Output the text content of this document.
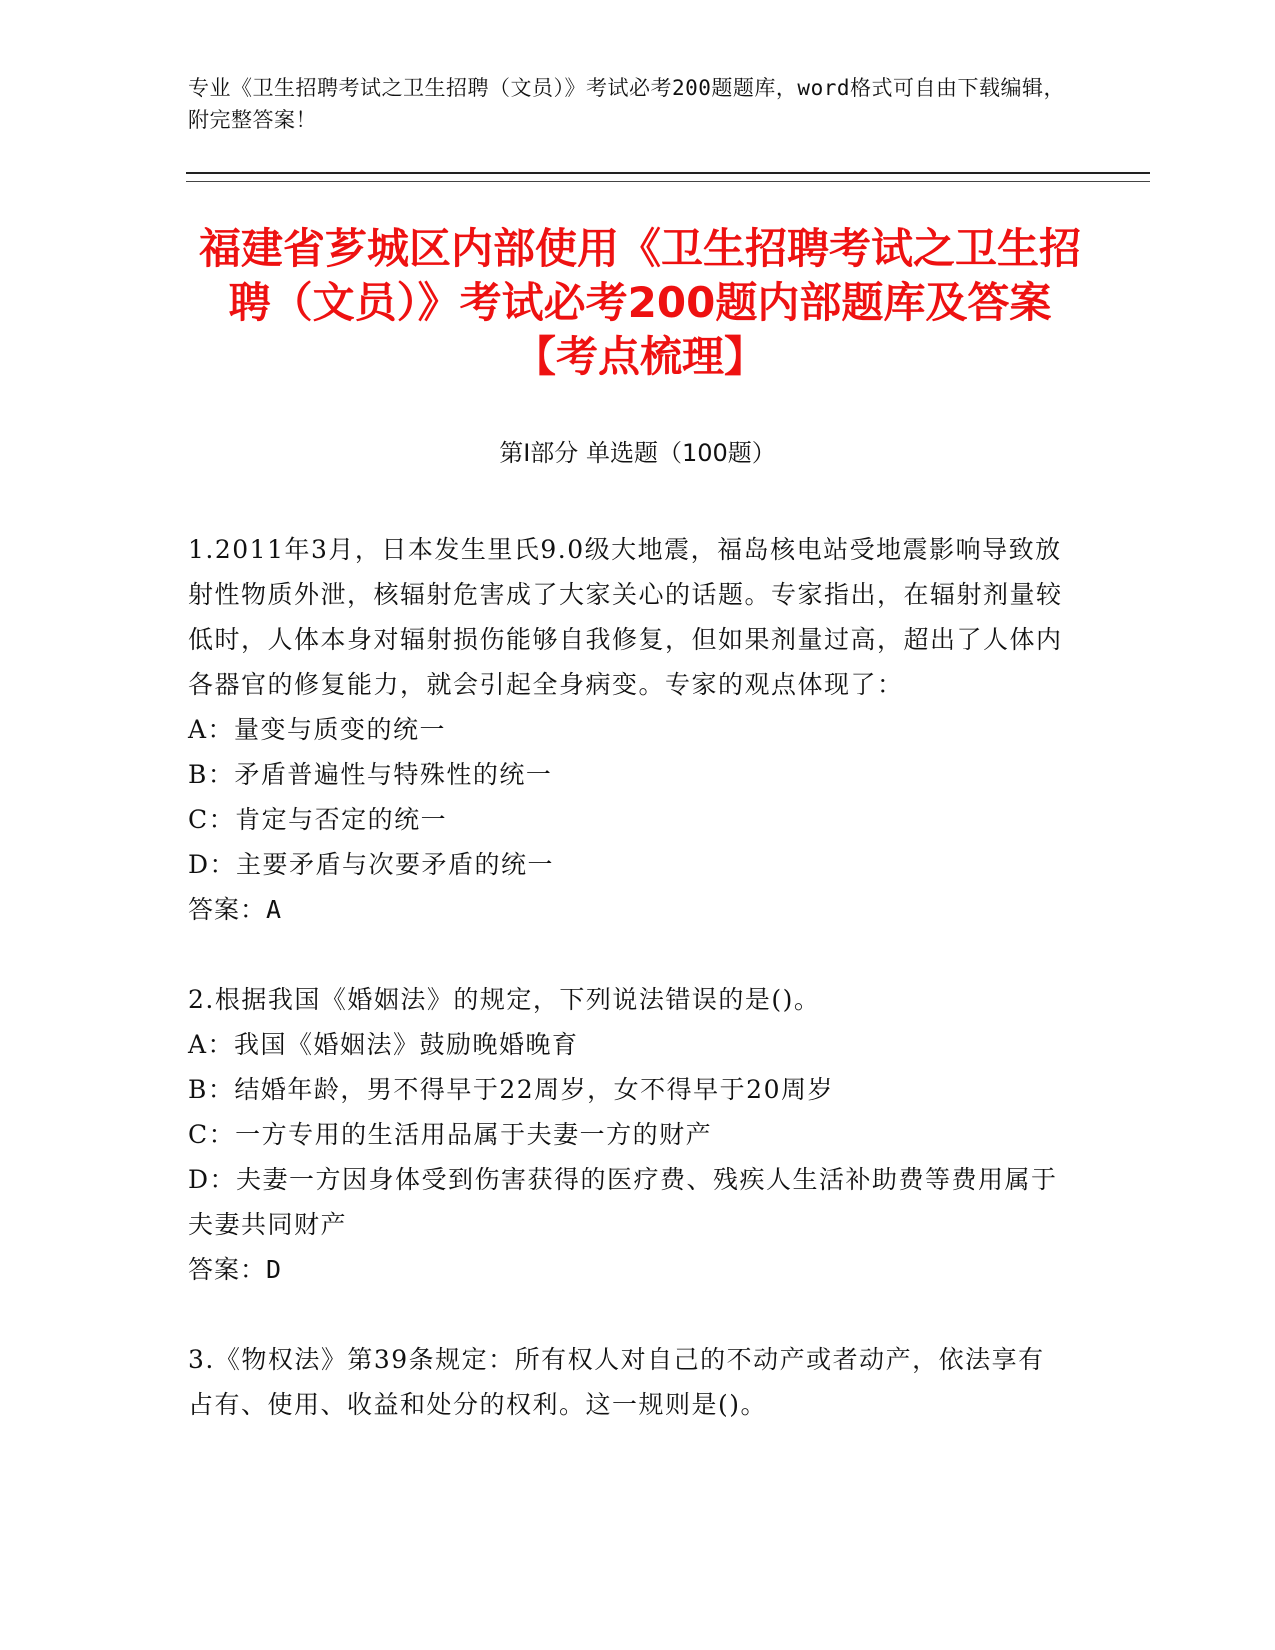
专业《卫生招聘考试之卫生招聘（文员）》考试必考200题题库，word格式可自由下载编辑，附完整答案！
福建省芗城区内部使用《卫生招聘考试之卫生招聘（文员）》考试必考200题内部题库及答案【考点梳理】
第I部分 单选题（100题）

1.2011年3月，日本发生里氏9.0级大地震，福岛核电站受地震影响导致放射性物质外泄，核辐射危害成了大家关心的话题。专家指出，在辐射剂量较低时，人体本身对辐射损伤能够自我修复，但如果剂量过高，超出了人体内各器官的修复能力，就会引起全身病变。专家的观点体现了：

A：量变与质变的统一

B：矛盾普遍性与特殊性的统一

C：肯定与否定的统一

D：主要矛盾与次要矛盾的统一

答案：A

2.根据我国《婚姻法》的规定，下列说法错误的是()。

A：我国《婚姻法》鼓励晚婚晚育

B：结婚年龄，男不得早于22周岁，女不得早于20周岁

C：一方专用的生活用品属于夫妻一方的财产

D：夫妻一方因身体受到伤害获得的医疗费、残疾人生活补助费等费用属于夫妻共同财产

答案：D

3.《物权法》第39条规定：所有权人对自己的不动产或者动产，依法享有占有、使用、收益和处分的权利。这一规则是()。
